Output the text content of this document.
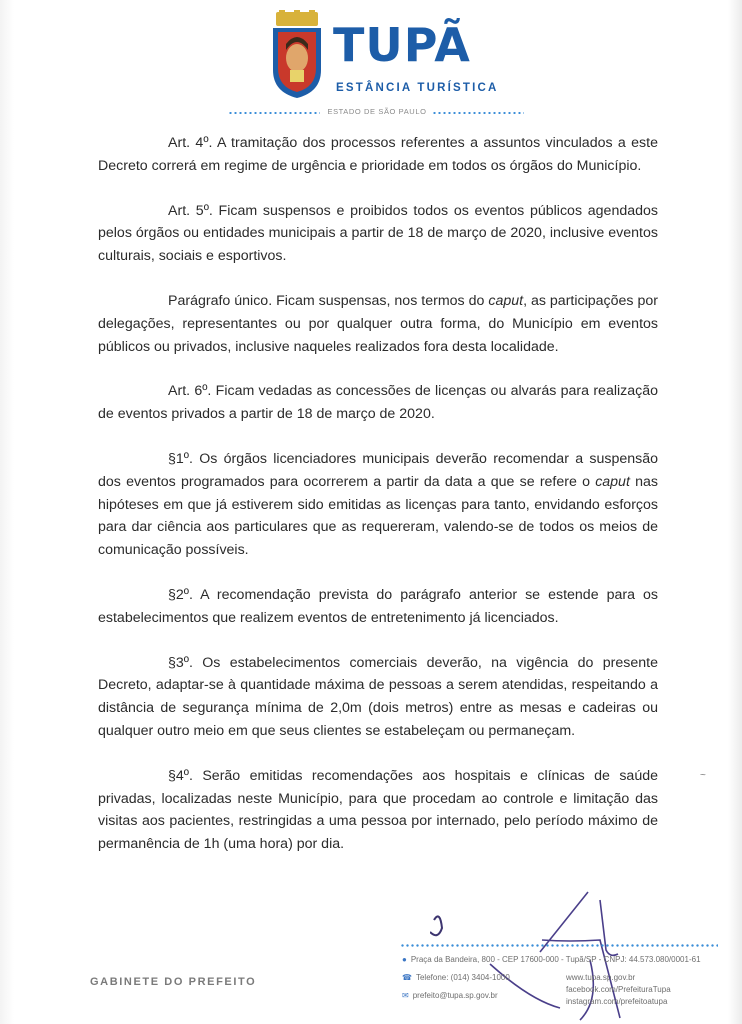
TUPÃ
ESTÂNCIA TURÍSTICA
ESTADO DE SÃO PAULO

Art. 4º. A tramitação dos processos referentes a assuntos vinculados a este Decreto correrá em regime de urgência e prioridade em todos os órgãos do Município.

Art. 5º. Ficam suspensos e proibidos todos os eventos públicos agendados pelos órgãos ou entidades municipais a partir de 18 de março de 2020, inclusive eventos culturais, sociais e esportivos.

Parágrafo único. Ficam suspensas, nos termos do caput, as participações por delegações, representantes ou por qualquer outra forma, do Município em eventos públicos ou privados, inclusive naqueles realizados fora desta localidade.

Art. 6º. Ficam vedadas as concessões de licenças ou alvarás para realização de eventos privados a partir de 18 de março de 2020.

§1º. Os órgãos licenciadores municipais deverão recomendar a suspensão dos eventos programados para ocorrerem a partir da data a que se refere o caput nas hipóteses em que já estiverem sido emitidas as licenças para tanto, envidando esforços para dar ciência aos particulares que as requereram, valendo-se de todos os meios de comunicação possíveis.

§2º. A recomendação prevista do parágrafo anterior se estende para os estabelecimentos que realizem eventos de entretenimento já licenciados.

§3º. Os estabelecimentos comerciais deverão, na vigência do presente Decreto, adaptar-se à quantidade máxima de pessoas a serem atendidas, respeitando a distância de segurança mínima de 2,0m (dois metros) entre as mesas e cadeiras ou qualquer outro meio em que seus clientes se estabeleçam ou permaneçam.

§4º. Serão emitidas recomendações aos hospitais e clínicas de saúde privadas, localizadas neste Município, para que procedam ao controle e limitação das visitas aos pacientes, restringidas a uma pessoa por internado, pelo período máximo de permanência de 1h (uma hora) por dia.

GABINETE DO PREFEITO
● Praça da Bandeira, 800 - CEP 17600-000 - Tupã/SP - CNPJ: 44.573.080/0001-61
☎ Telefone: (014) 3404-1000
✉ prefeito@tupa.sp.gov.br
www.tupa.sp.gov.br
facebook.com/PrefeituraTupa
instagram.com/prefeitoatupa
~
